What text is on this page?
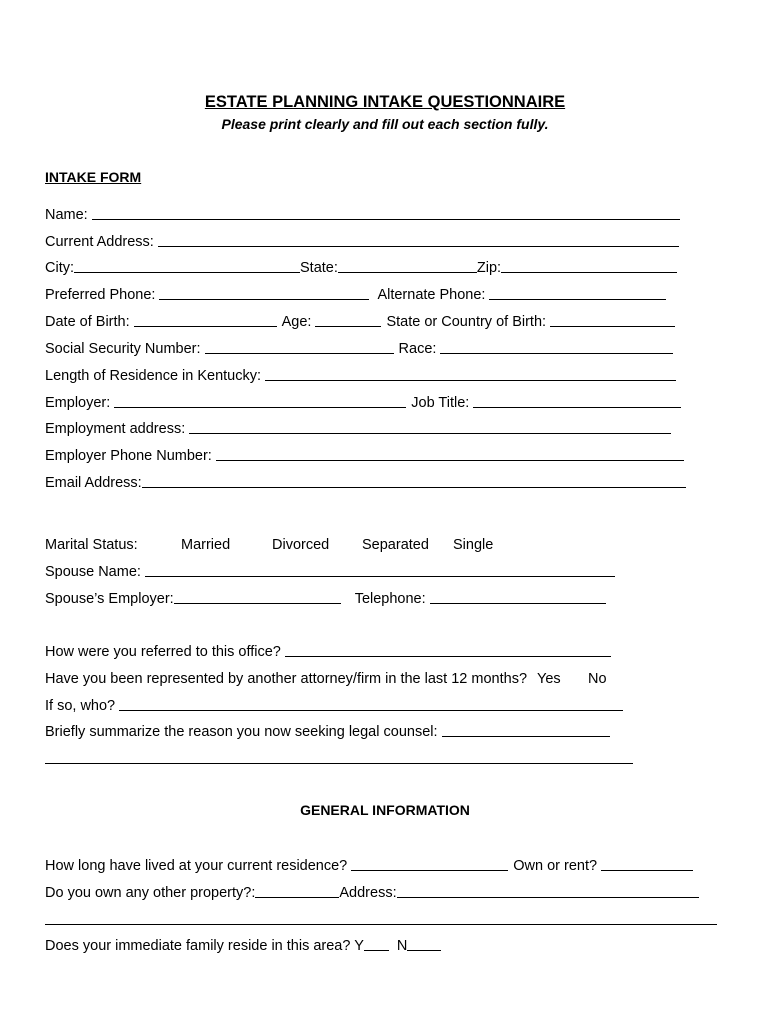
ESTATE PLANNING INTAKE QUESTIONNAIRE
Please print clearly and fill out each section fully.
INTAKE FORM
Name:
Current Address:
City:	State:	Zip:
Preferred Phone:	Alternate Phone:
Date of Birth:	Age:	State or Country of Birth:
Social Security Number:	Race:
Length of Residence in Kentucky:
Employer:	Job Title:
Employment address:
Employer Phone Number:
Email Address:
Marital Status:	Married	Divorced	Separated	Single
Spouse Name:
Spouse’s Employer:	Telephone:
How were you referred to this office?
Have you been represented by another attorney/firm in the last 12 months? Yes	No
If so, who?
Briefly summarize the reason you now seeking legal counsel:
GENERAL INFORMATION
How long have lived at your current residence?	Own or rent?
Do you own any other property?:	Address:
Does your immediate family reside in this area? Y N
